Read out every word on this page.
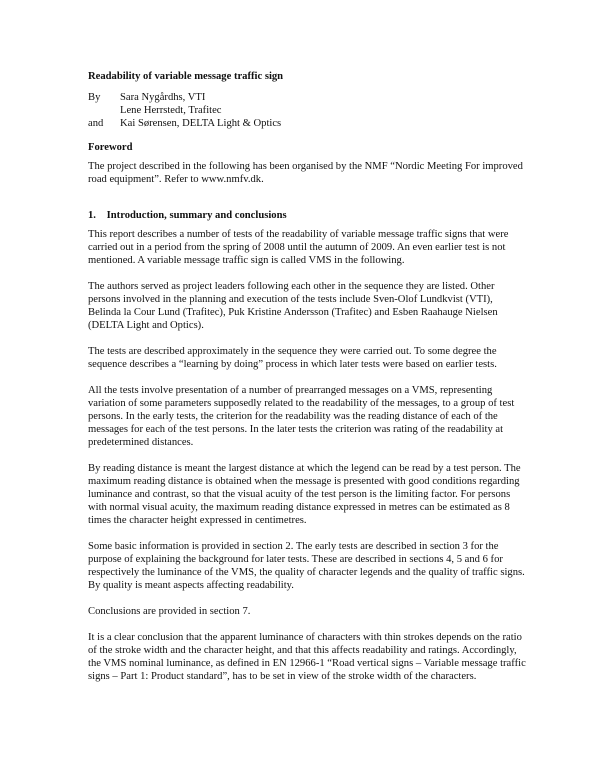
Readability of variable message traffic sign
By	Sara Nygårdhs, VTI
Lene Herrstedt, Trafitec
and	Kai Sørensen, DELTA Light & Optics
Foreword

The project described in the following has been organised by the NMF “Nordic Meeting For improved road equipment”. Refer to www.nmfv.dk.

1. Introduction, summary and conclusions

This report describes a number of tests of the readability of variable message traffic signs that were carried out in a period from the spring of 2008 until the autumn of 2009. An even earlier test is not mentioned. A variable message traffic sign is called VMS in the following.

The authors served as project leaders following each other in the sequence they are listed. Other persons involved in the planning and execution of the tests include Sven-Olof Lundkvist (VTI), Belinda la Cour Lund (Trafitec), Puk Kristine Andersson (Trafitec) and Esben Raahauge Nielsen (DELTA Light and Optics).

The tests are described approximately in the sequence they were carried out. To some degree the sequence describes a “learning by doing” process in which later tests were based on earlier tests.

All the tests involve presentation of a number of prearranged messages on a VMS, representing variation of some parameters supposedly related to the readability of the messages, to a group of test persons. In the early tests, the criterion for the readability was the reading distance of each of the messages for each of the test persons. In the later tests the criterion was rating of the readability at predetermined distances.

By reading distance is meant the largest distance at which the legend can be read by a test person. The maximum reading distance is obtained when the message is presented with good conditions regarding luminance and contrast, so that the visual acuity of the test person is the limiting factor. For persons with normal visual acuity, the maximum reading distance expressed in metres can be estimated as 8 times the character height expressed in centimetres.

Some basic information is provided in section 2. The early tests are described in section 3 for the purpose of explaining the background for later tests. These are described in sections 4, 5 and 6 for respectively the luminance of the VMS, the quality of character legends and the quality of traffic signs. By quality is meant aspects affecting readability.

Conclusions are provided in section 7.

It is a clear conclusion that the apparent luminance of characters with thin strokes depends on the ratio of the stroke width and the character height, and that this affects readability and ratings. Accordingly, the VMS nominal luminance, as defined in EN 12966-1 “Road vertical signs – Variable message traffic signs – Part 1: Product standard”, has to be set in view of the stroke width of the characters.
